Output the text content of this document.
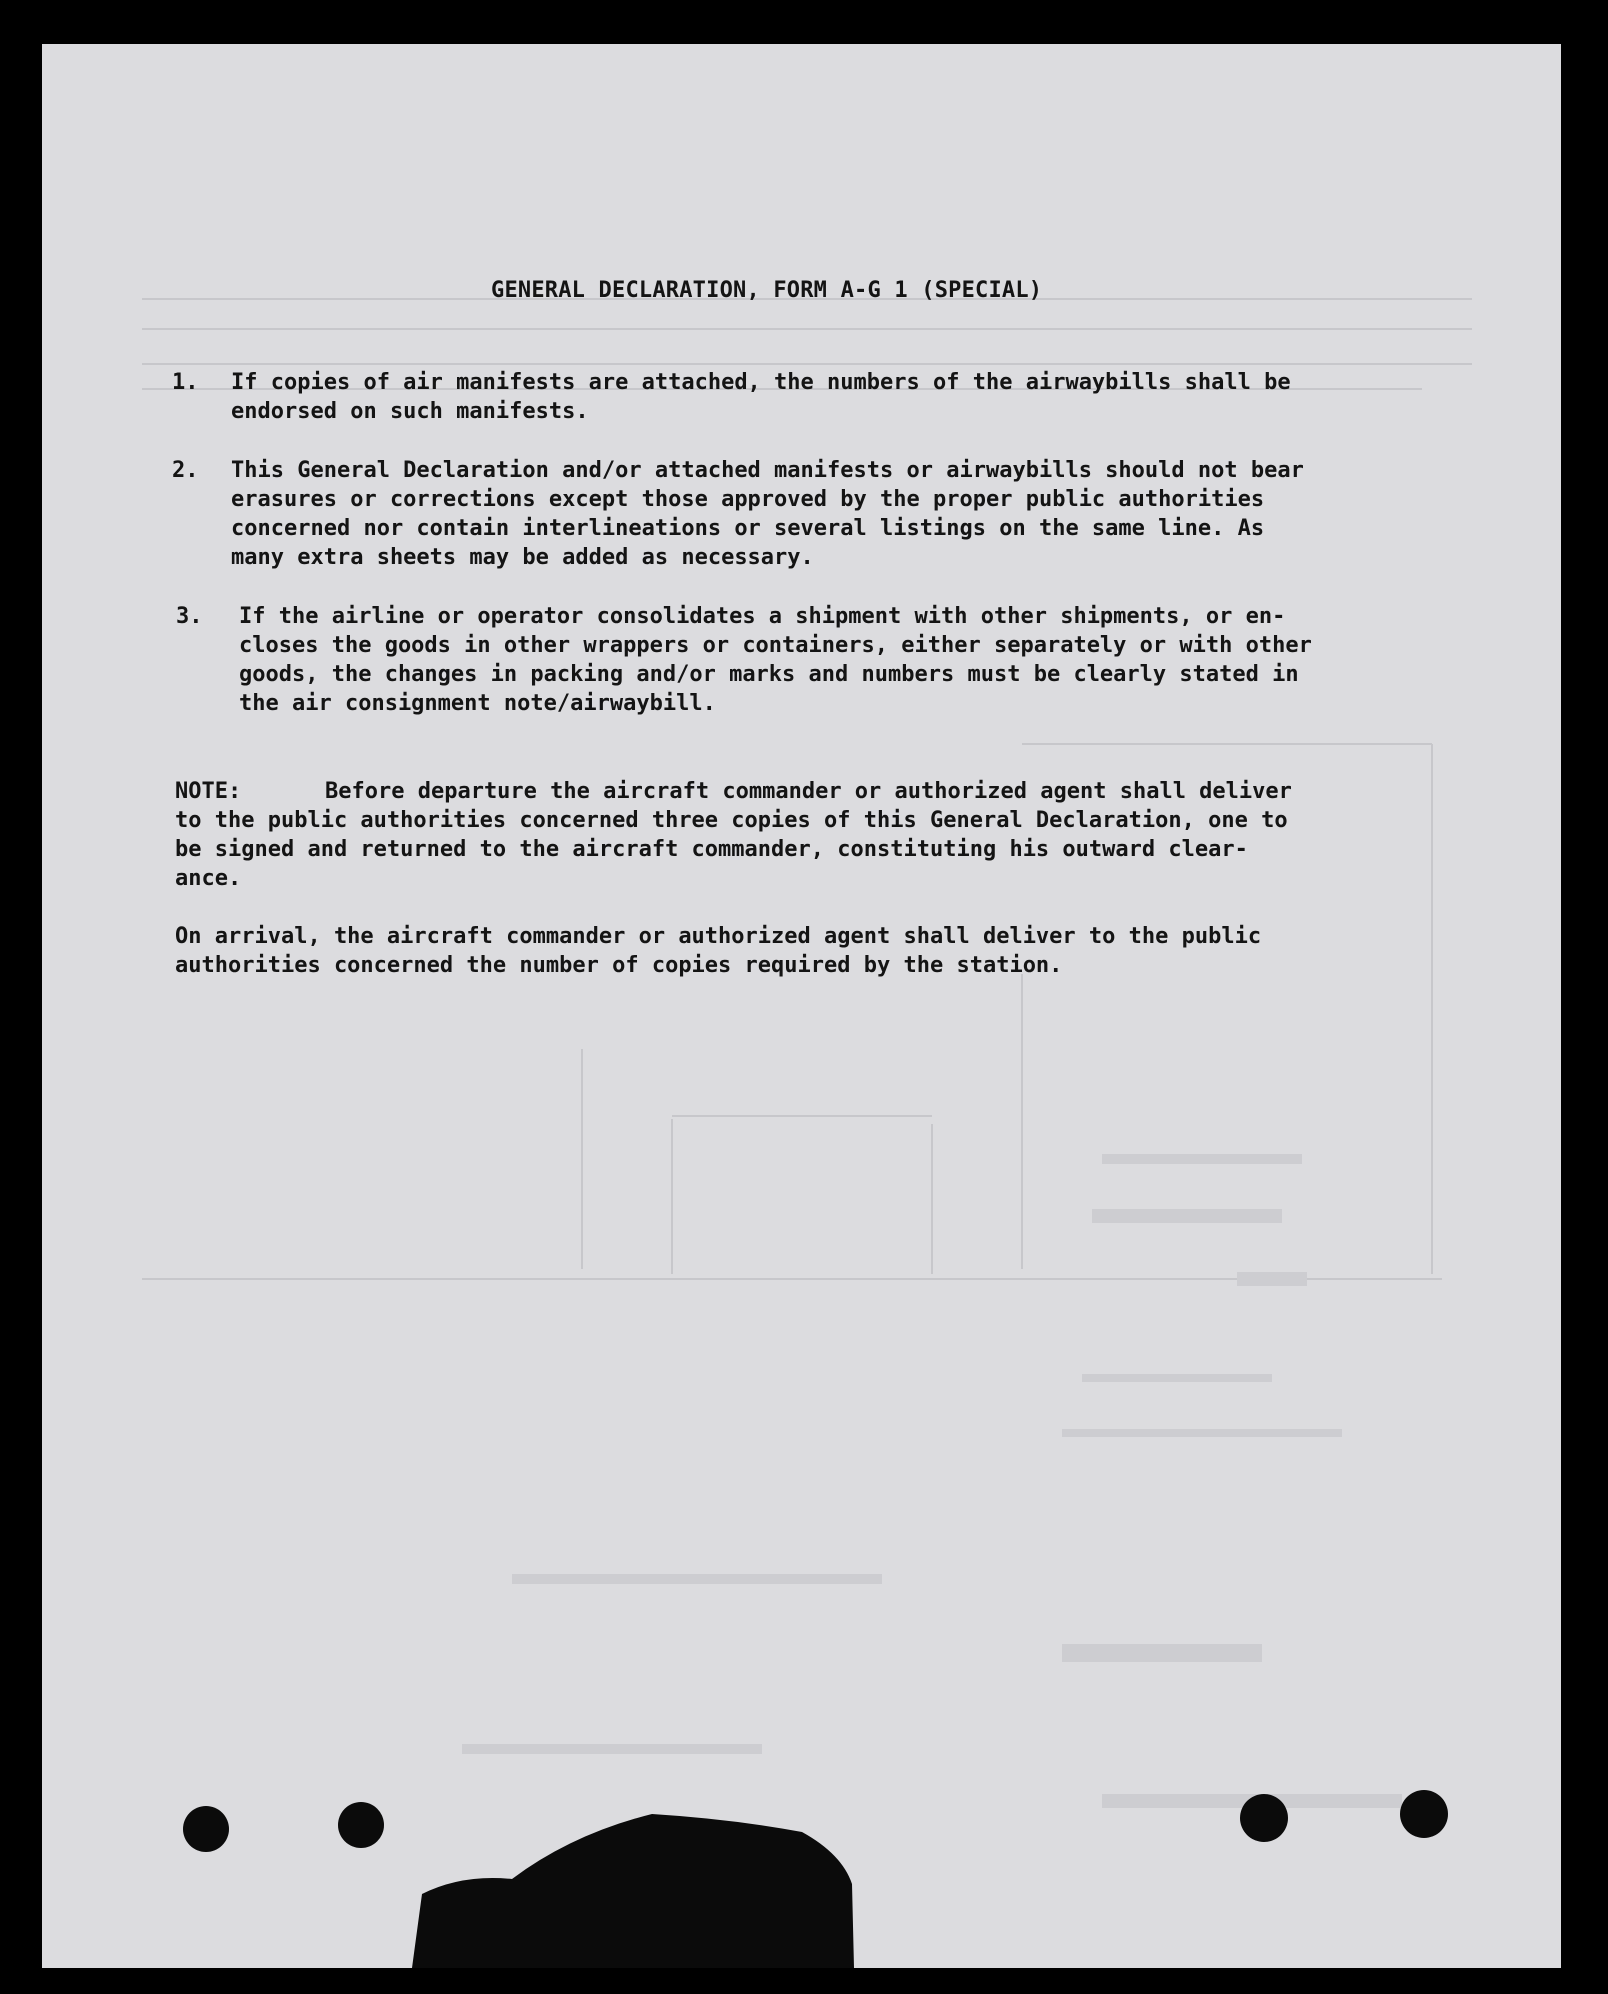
GENERAL DECLARATION, FORM A-G 1 (SPECIAL)
1.	If copies of air manifests are attached, the numbers of the airwaybills shall be
endorsed on such manifests.
2.	This General Declaration and/or attached manifests or airwaybills should not bear
erasures or corrections except those approved by the proper public authorities
concerned nor contain interlineations or several listings on the same line. As
many extra sheets may be added as necessary.
3.	If the airline or operator consolidates a shipment with other shipments, or en-
closes the goods in other wrappers or containers, either separately or with other
goods, the changes in packing and/or marks and numbers must be clearly stated in
the air consignment note/airwaybill.
NOTE:	Before departure the aircraft commander or authorized agent shall deliver
to the public authorities concerned three copies of this General Declaration, one to
be signed and returned to the aircraft commander, constituting his outward clear-
ance.
On arrival, the aircraft commander or authorized agent shall deliver to the public
authorities concerned the number of copies required by the station.
